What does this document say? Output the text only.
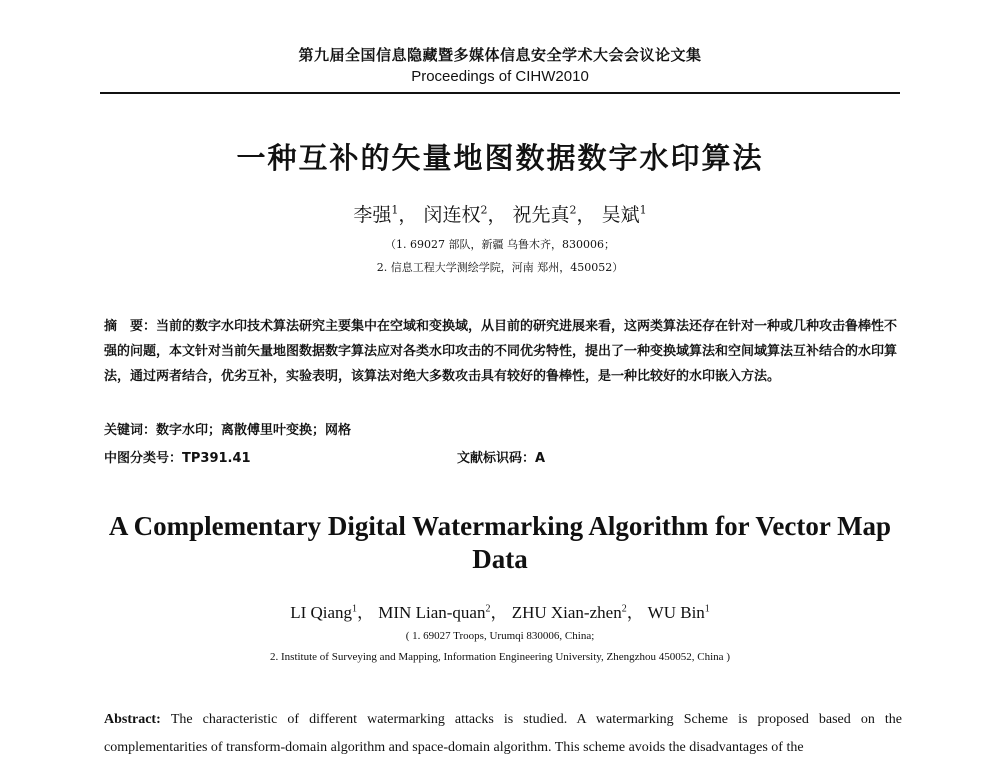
第九届全国信息隐藏暨多媒体信息安全学术大会会议论文集
Proceedings of CIHW2010
一种互补的矢量地图数据数字水印算法
李强$^1$， 闵连权$^2$， 祝先真$^2$， 吴斌$^1$
（1. 69027 部队，新疆 乌鲁木齐，830006；
2. 信息工程大学测绘学院，河南 郑州，450052）
摘　要：当前的数字水印技术算法研究主要集中在空域和变换域，从目前的研究进展来看，这两类算法还存在针对一种或几种攻击鲁棒性不强的问题，本文针对当前矢量地图数据数字算法应对各类水印攻击的不同优劣特性，提出了一种变换域算法和空间域算法互补结合的水印算法，通过两者结合，优劣互补，实验表明，该算法对绝大多数攻击具有较好的鲁棒性，是一种比较好的水印嵌入方法。
关键词：数字水印；离散傅里叶变换；网格
中图分类号：TP391.41	文献标识码：A
A Complementary Digital Watermarking Algorithm for Vector Map Data
LI Qiang$^1$， MIN Lian-quan$^2$， ZHU Xian-zhen$^2$， WU Bin$^1$
( 1. 69027 Troops, Urumqi 830006, China;
2. Institute of Surveying and Mapping, Information Engineering University, Zhengzhou 450052, China )
Abstract: The characteristic of different watermarking attacks is studied. A watermarking Scheme is proposed based on the complementarities of transform-domain algorithm and space-domain algorithm. This scheme avoids the disadvantages of the
